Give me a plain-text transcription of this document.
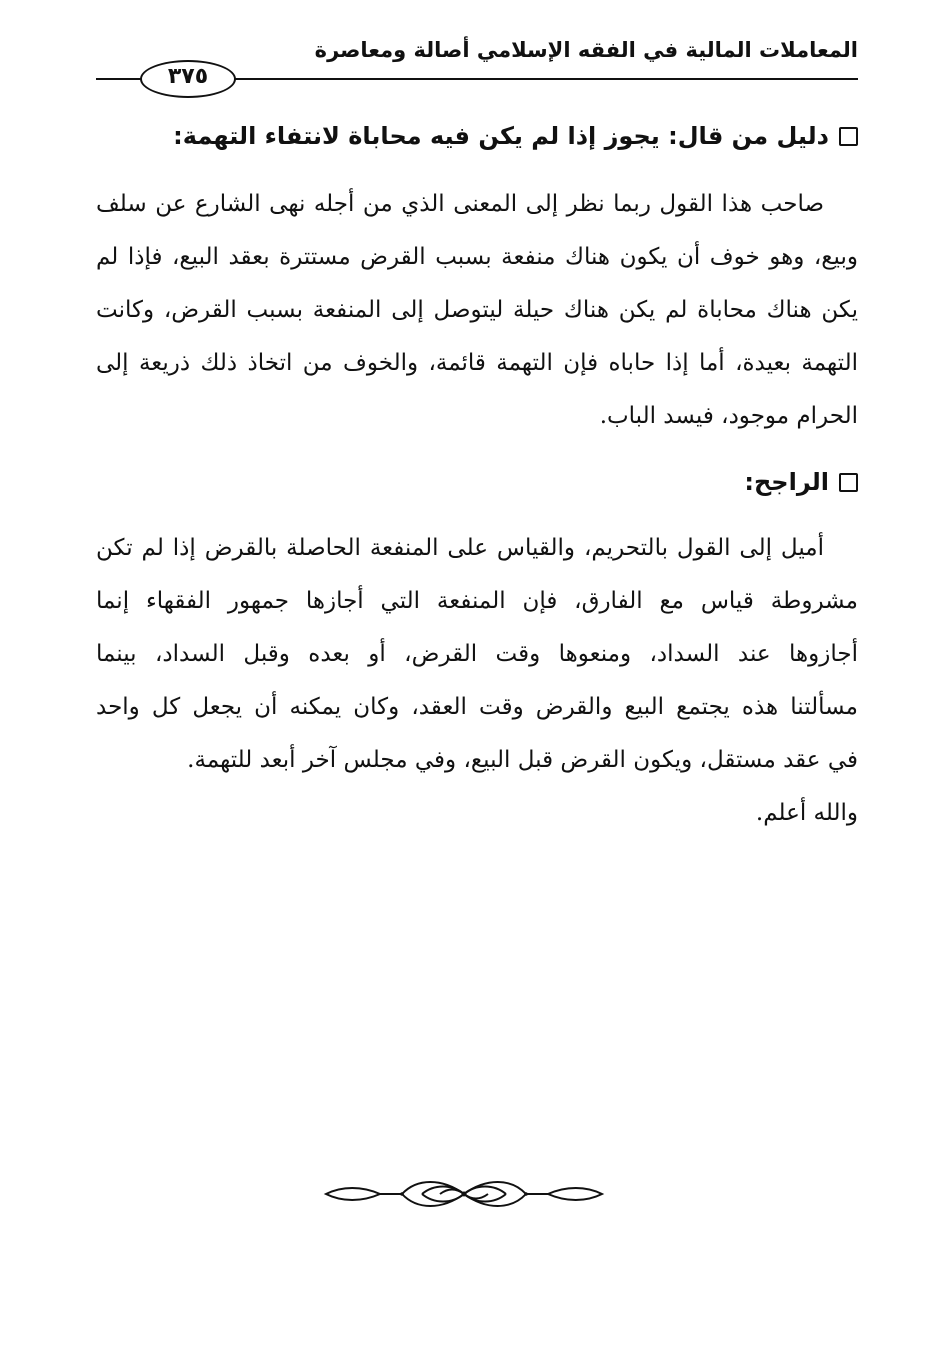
المعاملات المالية في الفقه الإسلامي أصالة ومعاصرة
٣٧٥
دليل من قال: يجوز إذا لم يكن فيه محاباة لانتفاء التهمة:
صاحب هذا القول ربما نظر إلى المعنى الذي من أجله نهى الشارع عن سلف
وبيع، وهو خوف أن يكون هناك منفعة بسبب القرض مستترة بعقد البيع، فإذا لم
يكن هناك محاباة لم يكن هناك حيلة ليتوصل إلى المنفعة بسبب القرض، وكانت
التهمة بعيدة، أما إذا حاباه فإن التهمة قائمة، والخوف من اتخاذ ذلك ذريعة إلى
الحرام موجود، فيسد الباب.
الراجح:
أميل إلى القول بالتحريم، والقياس على المنفعة الحاصلة بالقرض إذا لم تكن
مشروطة قياس مع الفارق، فإن المنفعة التي أجازها جمهور الفقهاء إنما
أجازوها عند السداد، ومنعوها وقت القرض، أو بعده وقبل السداد، بينما
مسألتنا هذه يجتمع البيع والقرض وقت العقد، وكان يمكنه أن يجعل كل واحد
في عقد مستقل، ويكون القرض قبل البيع، وفي مجلس آخر أبعد للتهمة.
والله أعلم.
